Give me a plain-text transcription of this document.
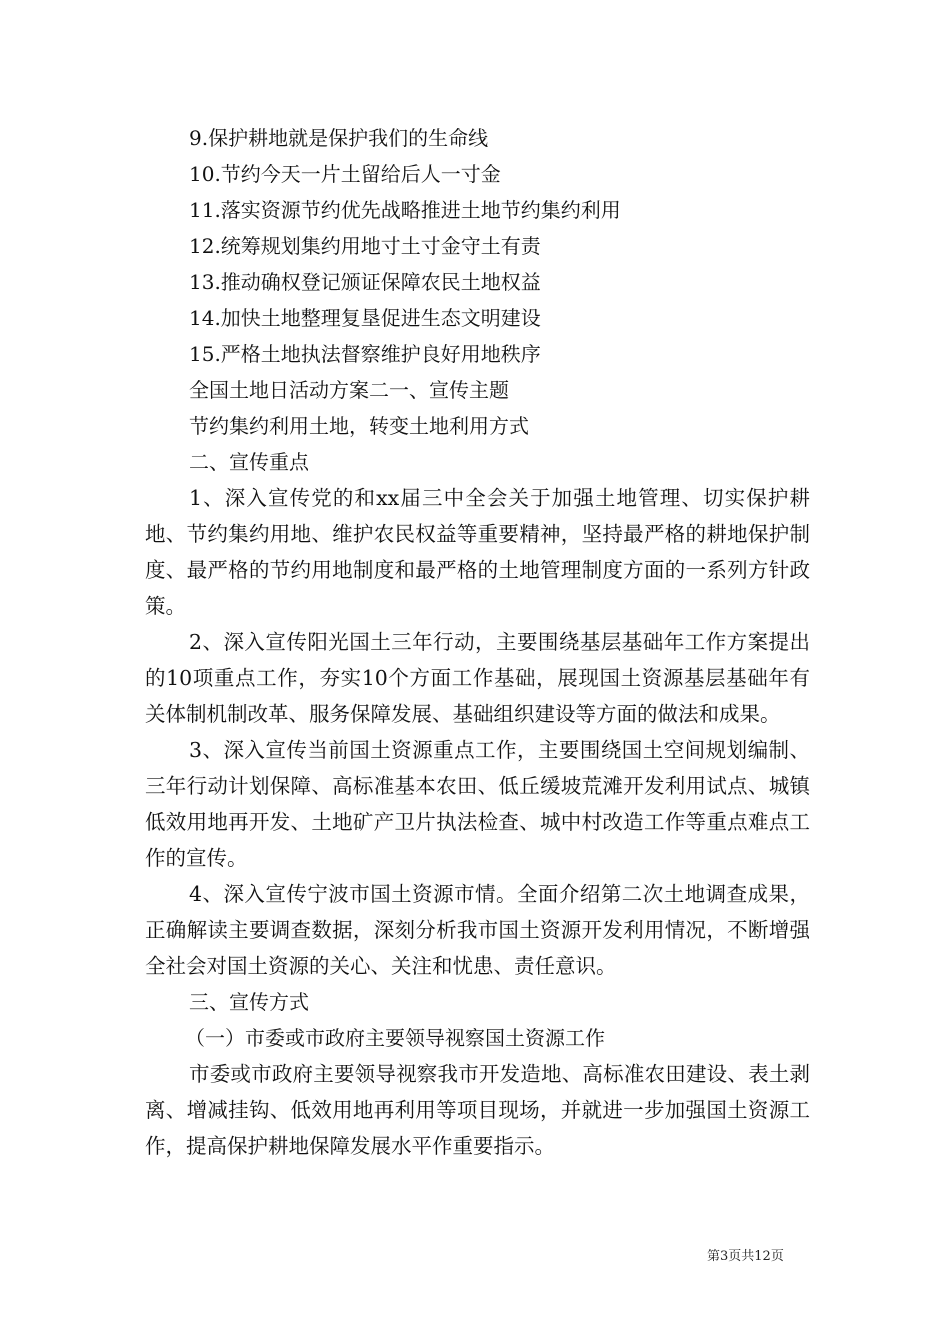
9.保护耕地就是保护我们的生命线

10.节约今天一片土留给后人一寸金

11.落实资源节约优先战略推进土地节约集约利用

12.统筹规划集约用地寸土寸金守土有责

13.推动确权登记颁证保障农民土地权益

14.加快土地整理复垦促进生态文明建设

15.严格土地执法督察维护良好用地秩序

全国土地日活动方案二一、宣传主题

节约集约利用土地，转变土地利用方式

二、宣传重点

1、深入宣传党的和xx届三中全会关于加强土地管理、切实保护耕地、节约集约用地、维护农民权益等重要精神，坚持最严格的耕地保护制度、最严格的节约用地制度和最严格的土地管理制度方面的一系列方针政策。

2、深入宣传阳光国土三年行动，主要围绕基层基础年工作方案提出的10项重点工作，夯实10个方面工作基础，展现国土资源基层基础年有关体制机制改革、服务保障发展、基础组织建设等方面的做法和成果。

3、深入宣传当前国土资源重点工作，主要围绕国土空间规划编制、三年行动计划保障、高标准基本农田、低丘缓坡荒滩开发利用试点、城镇低效用地再开发、土地矿产卫片执法检查、城中村改造工作等重点难点工作的宣传。

4、深入宣传宁波市国土资源市情。全面介绍第二次土地调查成果，正确解读主要调查数据，深刻分析我市国土资源开发利用情况，不断增强全社会对国土资源的关心、关注和忧患、责任意识。

三、宣传方式

（一）市委或市政府主要领导视察国土资源工作

市委或市政府主要领导视察我市开发造地、高标准农田建设、表土剥离、增减挂钩、低效用地再利用等项目现场，并就进一步加强国土资源工作，提高保护耕地保障发展水平作重要指示。

第3页共12页
